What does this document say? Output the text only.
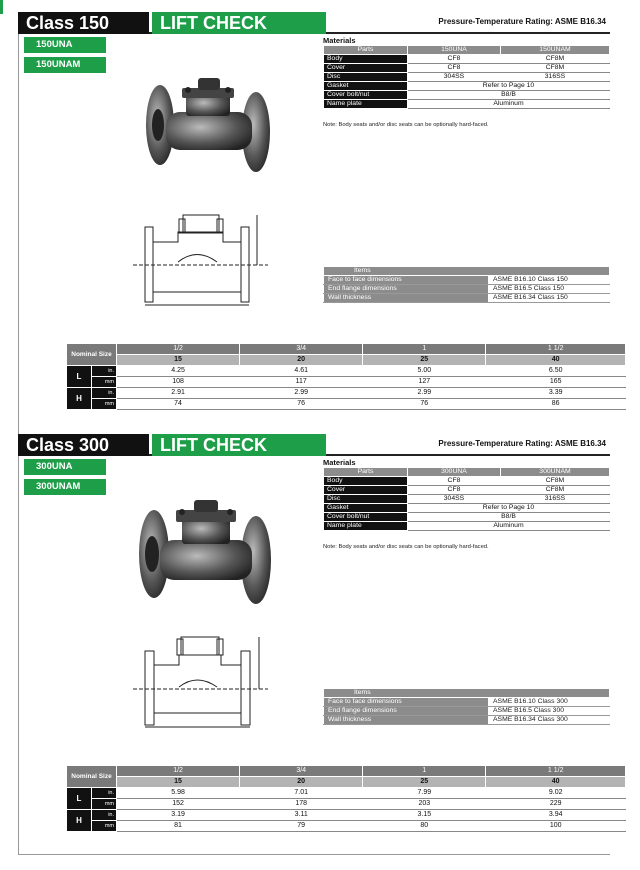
Class 150	LIFT CHECK VALVE
Pressure-Temperature Rating: ASME B16.34
150UNA
150UNAM
Materials
Parts	150UNA	150UNAM
Body	CF8	CF8M
Cover	CF8	CF8M
Disc	304SS	316SS
Gasket	Refer to Page 10	
Cover bolt/nut	B8/B	
Name plate	Aluminum	
Note: Body seats and/or disc seats can be optionally hard-faced.
Items	
Face to face dimensions	ASME B16.10 Class 150
End flange dimensions	ASME B16.5 Class 150
Wall thickness	ASME B16.34 Class 150
Nominal Size		1/2	3/4	1	1 1/2
		15	20	25	40
L	in.	4.25	4.61	5.00	6.50
	mm	108	117	127	165
H	in.	2.91	2.99	2.99	3.39
	mm	74	76	76	86
Class 300	LIFT CHECK VALVE
Pressure-Temperature Rating: ASME B16.34
300UNA
300UNAM
Materials
Parts	300UNA	300UNAM
Body	CF8	CF8M
Cover	CF8	CF8M
Disc	304SS	316SS
Gasket	Refer to Page 10	
Cover bolt/nut	B8/B	
Name plate	Aluminum	
Note: Body seats and/or disc seats can be optionally hard-faced.
Items	
Face to face dimensions	ASME B16.10 Class 300
End flange dimensions	ASME B16.5 Class 300
Wall thickness	ASME B16.34 Class 300
Nominal Size		1/2	3/4	1	1 1/2
		15	20	25	40
L	in.	5.98	7.01	7.99	9.02
	mm	152	178	203	229
H	in.	3.19	3.11	3.15	3.94
	mm	81	79	80	100
